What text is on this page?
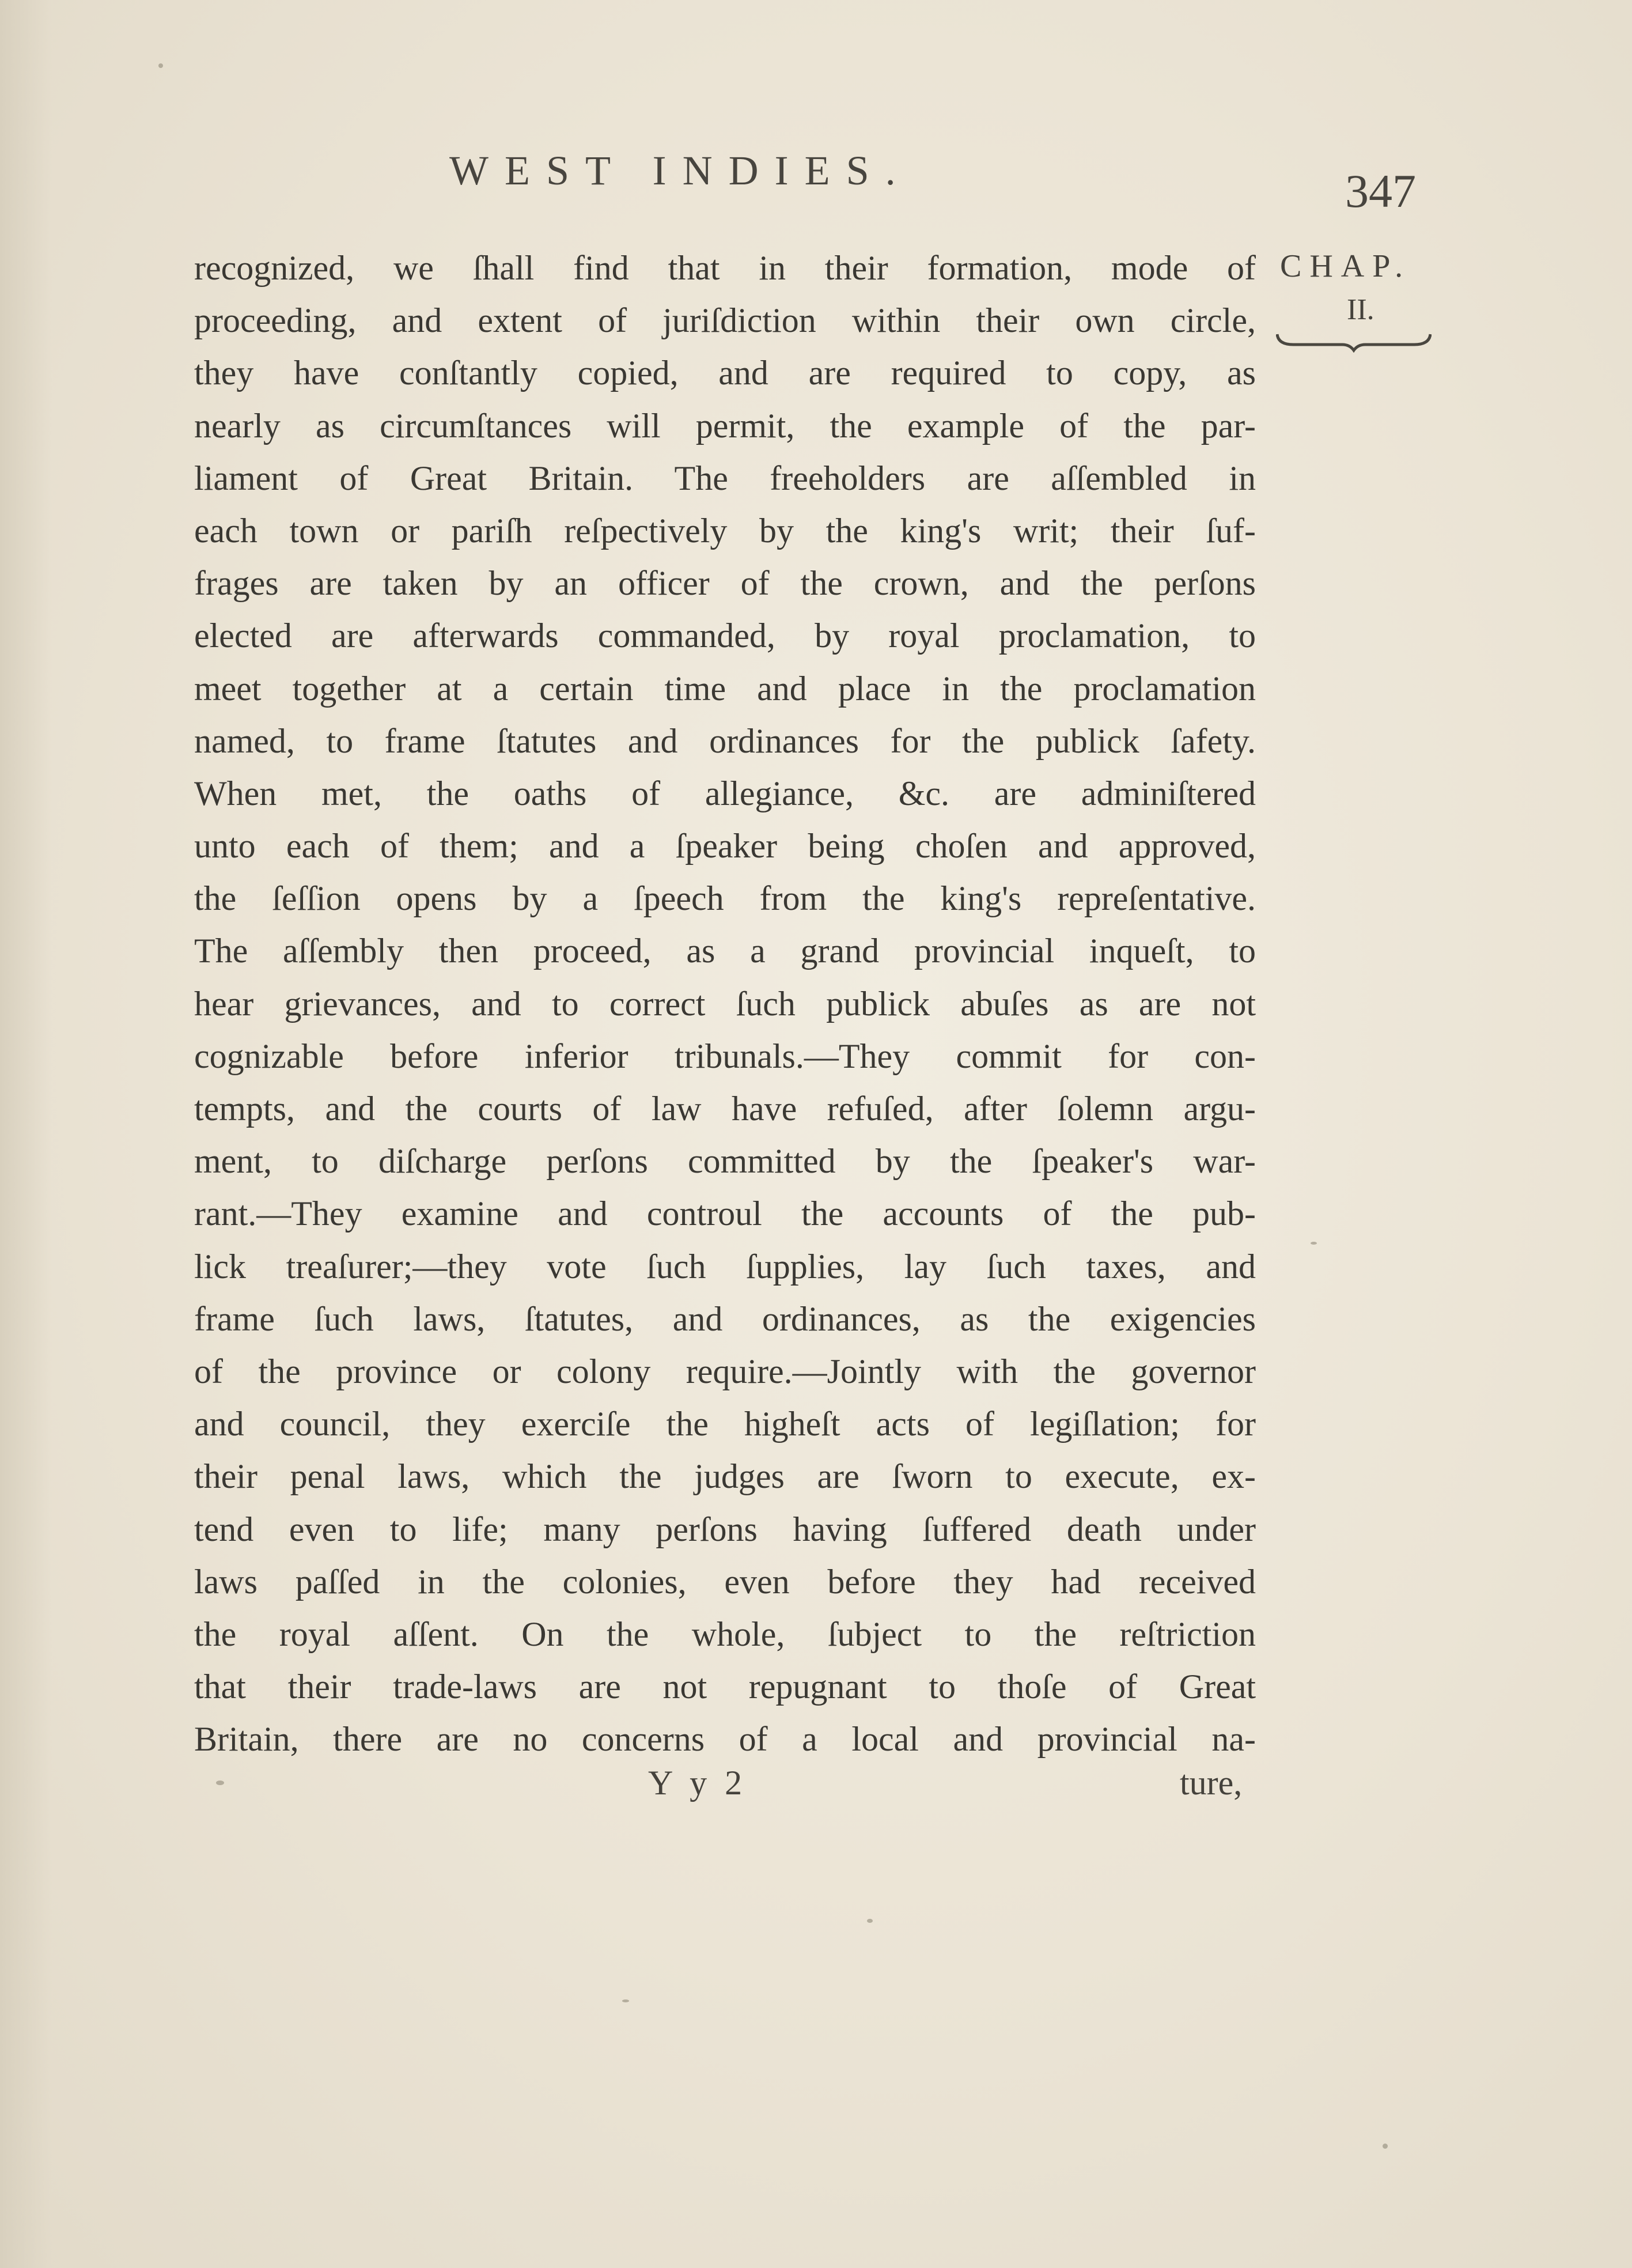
WEST INDIES.	347
CHAP.
II.
recognized, we ſhall find that in their formation, mode of
proceeding, and extent of juriſdiction within their own circle,
they have conſtantly copied, and are required to copy, as
nearly as circumſtances will permit, the example of the par-
liament of Great Britain. The freeholders are aſſembled in
each town or pariſh reſpectively by the king's writ; their ſuf-
frages are taken by an officer of the crown, and the perſons
elected are afterwards commanded, by royal proclamation, to
meet together at a certain time and place in the proclamation
named, to frame ſtatutes and ordinances for the publick ſafety.
When met, the oaths of allegiance, &c. are adminiſtered
unto each of them; and a ſpeaker being choſen and approved,
the ſeſſion opens by a ſpeech from the king's repreſentative.
The aſſembly then proceed, as a grand provincial inqueſt, to
hear grievances, and to correct ſuch publick abuſes as are not
cognizable before inferior tribunals.—They commit for con-
tempts, and the courts of law have refuſed, after ſolemn argu-
ment, to diſcharge perſons committed by the ſpeaker's war-
rant.—They examine and controul the accounts of the pub-
lick treaſurer;—they vote ſuch ſupplies, lay ſuch taxes, and
frame ſuch laws, ſtatutes, and ordinances, as the exigencies
of the province or colony require.—Jointly with the governor
and council, they exerciſe the higheſt acts of legiſlation; for
their penal laws, which the judges are ſworn to execute, ex-
tend even to life; many perſons having ſuffered death under
laws paſſed in the colonies, even before they had received
the royal aſſent. On the whole, ſubject to the reſtriction
that their trade-laws are not repugnant to thoſe of Great
Britain, there are no concerns of a local and provincial na-
Y y 2	ture,
